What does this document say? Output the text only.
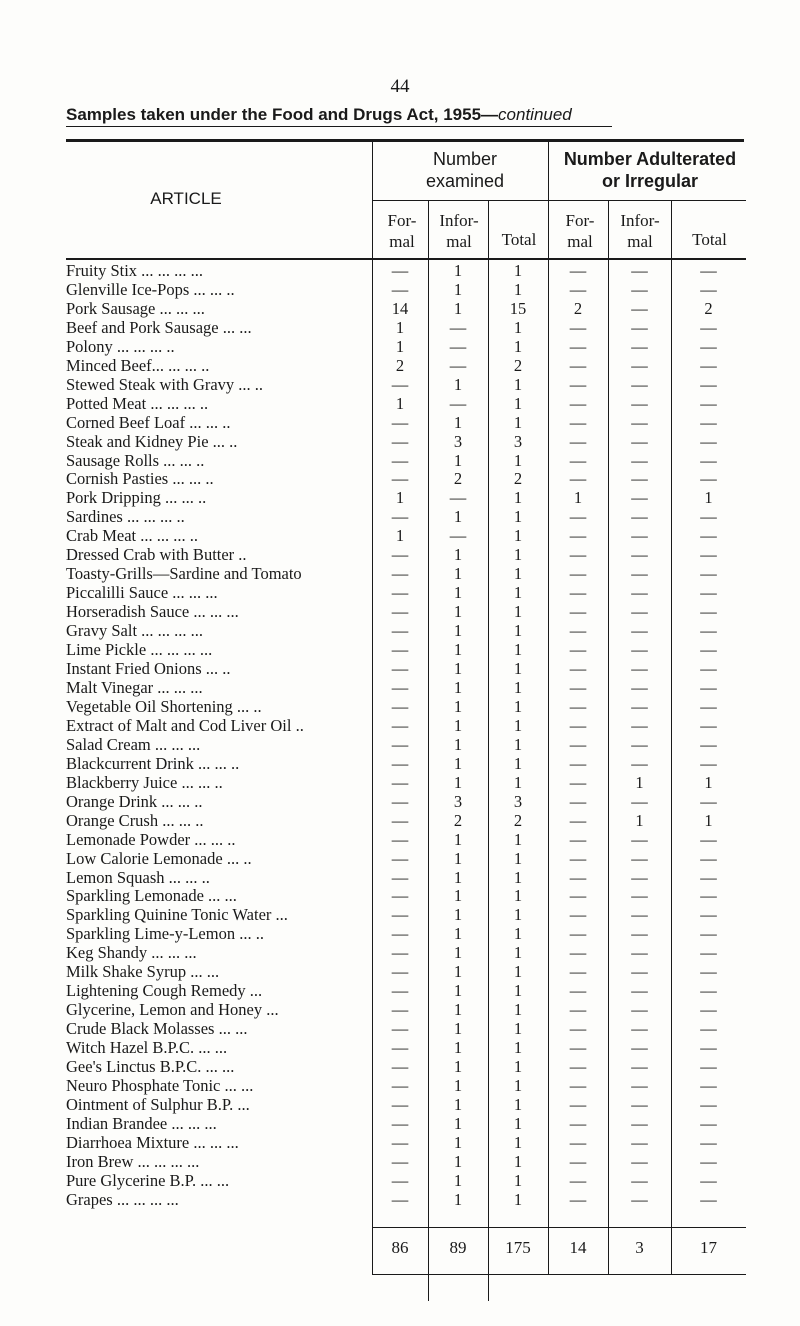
44
Samples taken under the Food and Drugs Act, 1955—continued
ARTICLE
Number examined
Number Adulterated or Irregular
For- mal
Infor- mal	Total
For- mal
Infor- mal	Total
Fruity Stix ... ... ... ...	—	1	1	—	—	—
Glenville Ice-Pops ... ... ..	—	1	1	—	—	—
Pork Sausage ... ... ...	14	1	15	2	—	2
Beef and Pork Sausage ... ...	1	—	1	—	—	—
Polony ... ... ... ..	1	—	1	—	—	—
Minced Beef... ... ... ..	2	—	2	—	—	—
Stewed Steak with Gravy ... ..	—	1	1	—	—	—
Potted Meat ... ... ... ..	1	—	1	—	—	—
Corned Beef Loaf ... ... ..	—	1	1	—	—	—
Steak and Kidney Pie ... ..	—	3	3	—	—	—
Sausage Rolls ... ... ..	—	1	1	—	—	—
Cornish Pasties ... ... ..	—	2	2	—	—	—
Pork Dripping ... ... ..	1	—	1	1	—	1
Sardines ... ... ... ..	—	1	1	—	—	—
Crab Meat ... ... ... ..	1	—	1	—	—	—
Dressed Crab with Butter ..	—	1	1	—	—	—
Toasty-Grills—Sardine and Tomato	—	1	1	—	—	—
Piccalilli Sauce ... ... ...	—	1	1	—	—	—
Horseradish Sauce ... ... ...	—	1	1	—	—	—
Gravy Salt ... ... ... ...	—	1	1	—	—	—
Lime Pickle ... ... ... ...	—	1	1	—	—	—
Instant Fried Onions ... ..	—	1	1	—	—	—
Malt Vinegar ... ... ...	—	1	1	—	—	—
Vegetable Oil Shortening ... ..	—	1	1	—	—	—
Extract of Malt and Cod Liver Oil ..	—	1	1	—	—	—
Salad Cream ... ... ...	—	1	1	—	—	—
Blackcurrent Drink ... ... ..	—	1	1	—	—	—
Blackberry Juice ... ... ..	—	1	1	—	1	1
Orange Drink ... ... ..	—	3	3	—	—	—
Orange Crush ... ... ..	—	2	2	—	1	1
Lemonade Powder ... ... ..	—	1	1	—	—	—
Low Calorie Lemonade ... ..	—	1	1	—	—	—
Lemon Squash ... ... ..	—	1	1	—	—	—
Sparkling Lemonade ... ...	—	1	1	—	—	—
Sparkling Quinine Tonic Water ...	—	1	1	—	—	—
Sparkling Lime-y-Lemon ... ..	—	1	1	—	—	—
Keg Shandy ... ... ...	—	1	1	—	—	—
Milk Shake Syrup ... ...	—	1	1	—	—	—
Lightening Cough Remedy ...	—	1	1	—	—	—
Glycerine, Lemon and Honey ...	—	1	1	—	—	—
Crude Black Molasses ... ...	—	1	1	—	—	—
Witch Hazel B.P.C. ... ...	—	1	1	—	—	—
Gee's Linctus B.P.C. ... ...	—	1	1	—	—	—
Neuro Phosphate Tonic ... ...	—	1	1	—	—	—
Ointment of Sulphur B.P. ...	—	1	1	—	—	—
Indian Brandee ... ... ...	—	1	1	—	—	—
Diarrhoea Mixture ... ... ...	—	1	1	—	—	—
Iron Brew ... ... ... ...	—	1	1	—	—	—
Pure Glycerine B.P. ... ...	—	1	1	—	—	—
Grapes ... ... ... ...	—	1	1	—	—	—
86	89	175	14	3	17
